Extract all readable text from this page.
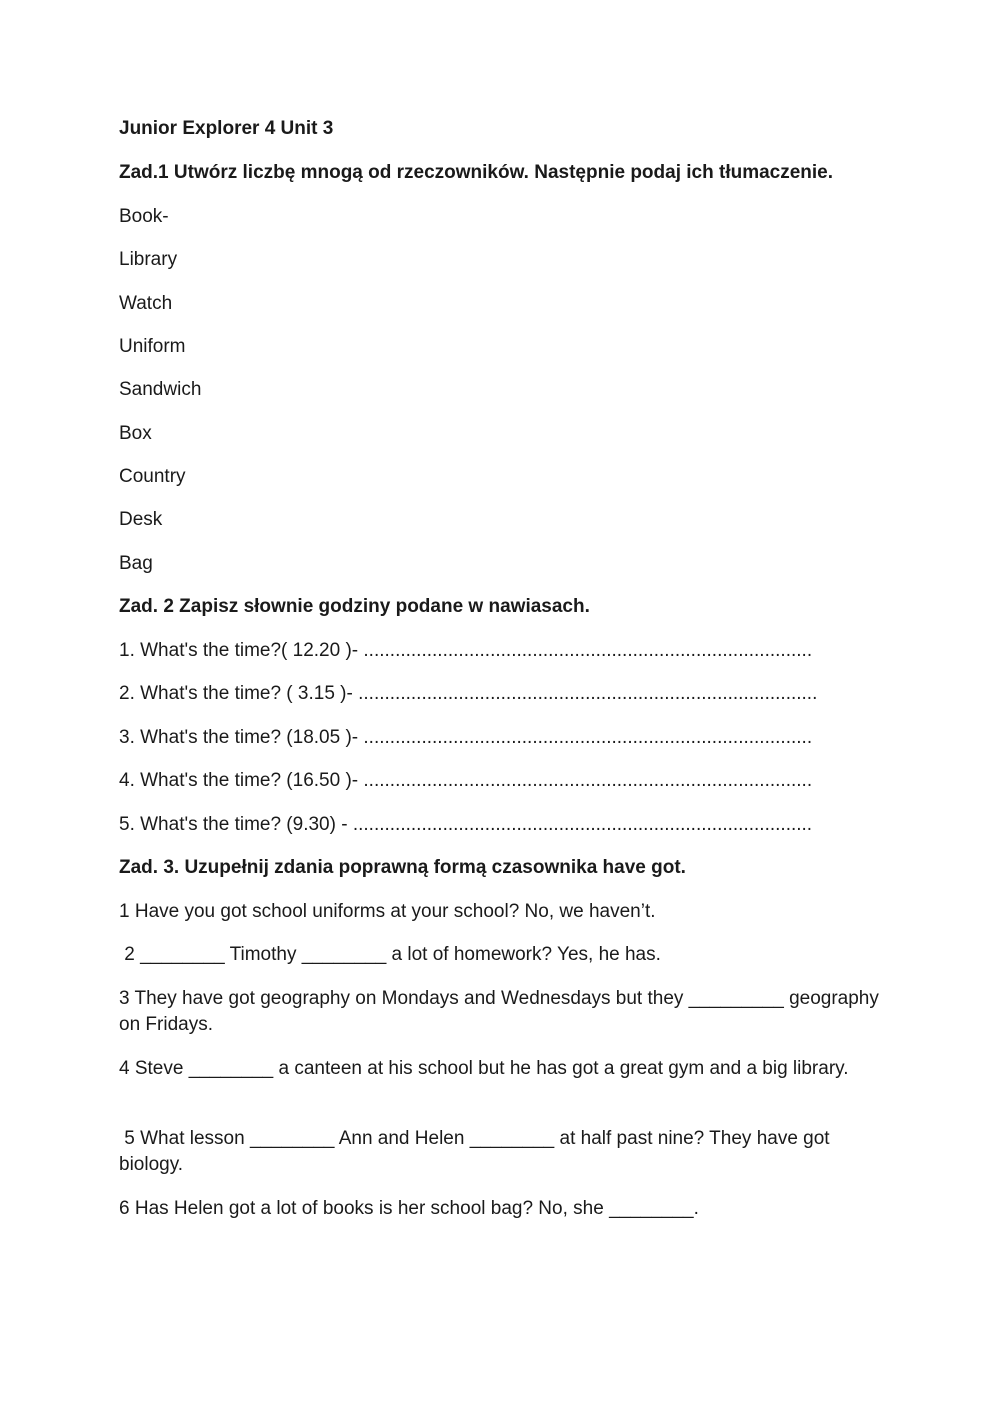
Junior Explorer 4 Unit 3
Zad.1 Utwórz liczbę mnogą od rzeczowników. Następnie podaj ich tłumaczenie.
Book-
Library
Watch
Uniform
Sandwich
Box
Country
Desk
Bag
Zad. 2 Zapisz słownie godziny podane w nawiasach.
1. What's the time?( 12.20 )- .....................................................................................
2. What's the time? ( 3.15 )- .......................................................................................
3. What's the time? (18.05 )- .....................................................................................
4. What's the time? (16.50 )- .....................................................................................
5. What's the time? (9.30) - .......................................................................................
Zad. 3. Uzupełnij zdania poprawną formą czasownika have got.
1 Have you got school uniforms at your school? No, we haven’t.
2 ________ Timothy ________ a lot of homework? Yes, he has.
3 They have got geography on Mondays and Wednesdays but they _________ geography on Fridays.
4 Steve ________ a canteen at his school but he has got a great gym and a big library.
5 What lesson ________ Ann and Helen ________ at half past nine? They have got biology.
6 Has Helen got a lot of books is her school bag? No, she ________.
